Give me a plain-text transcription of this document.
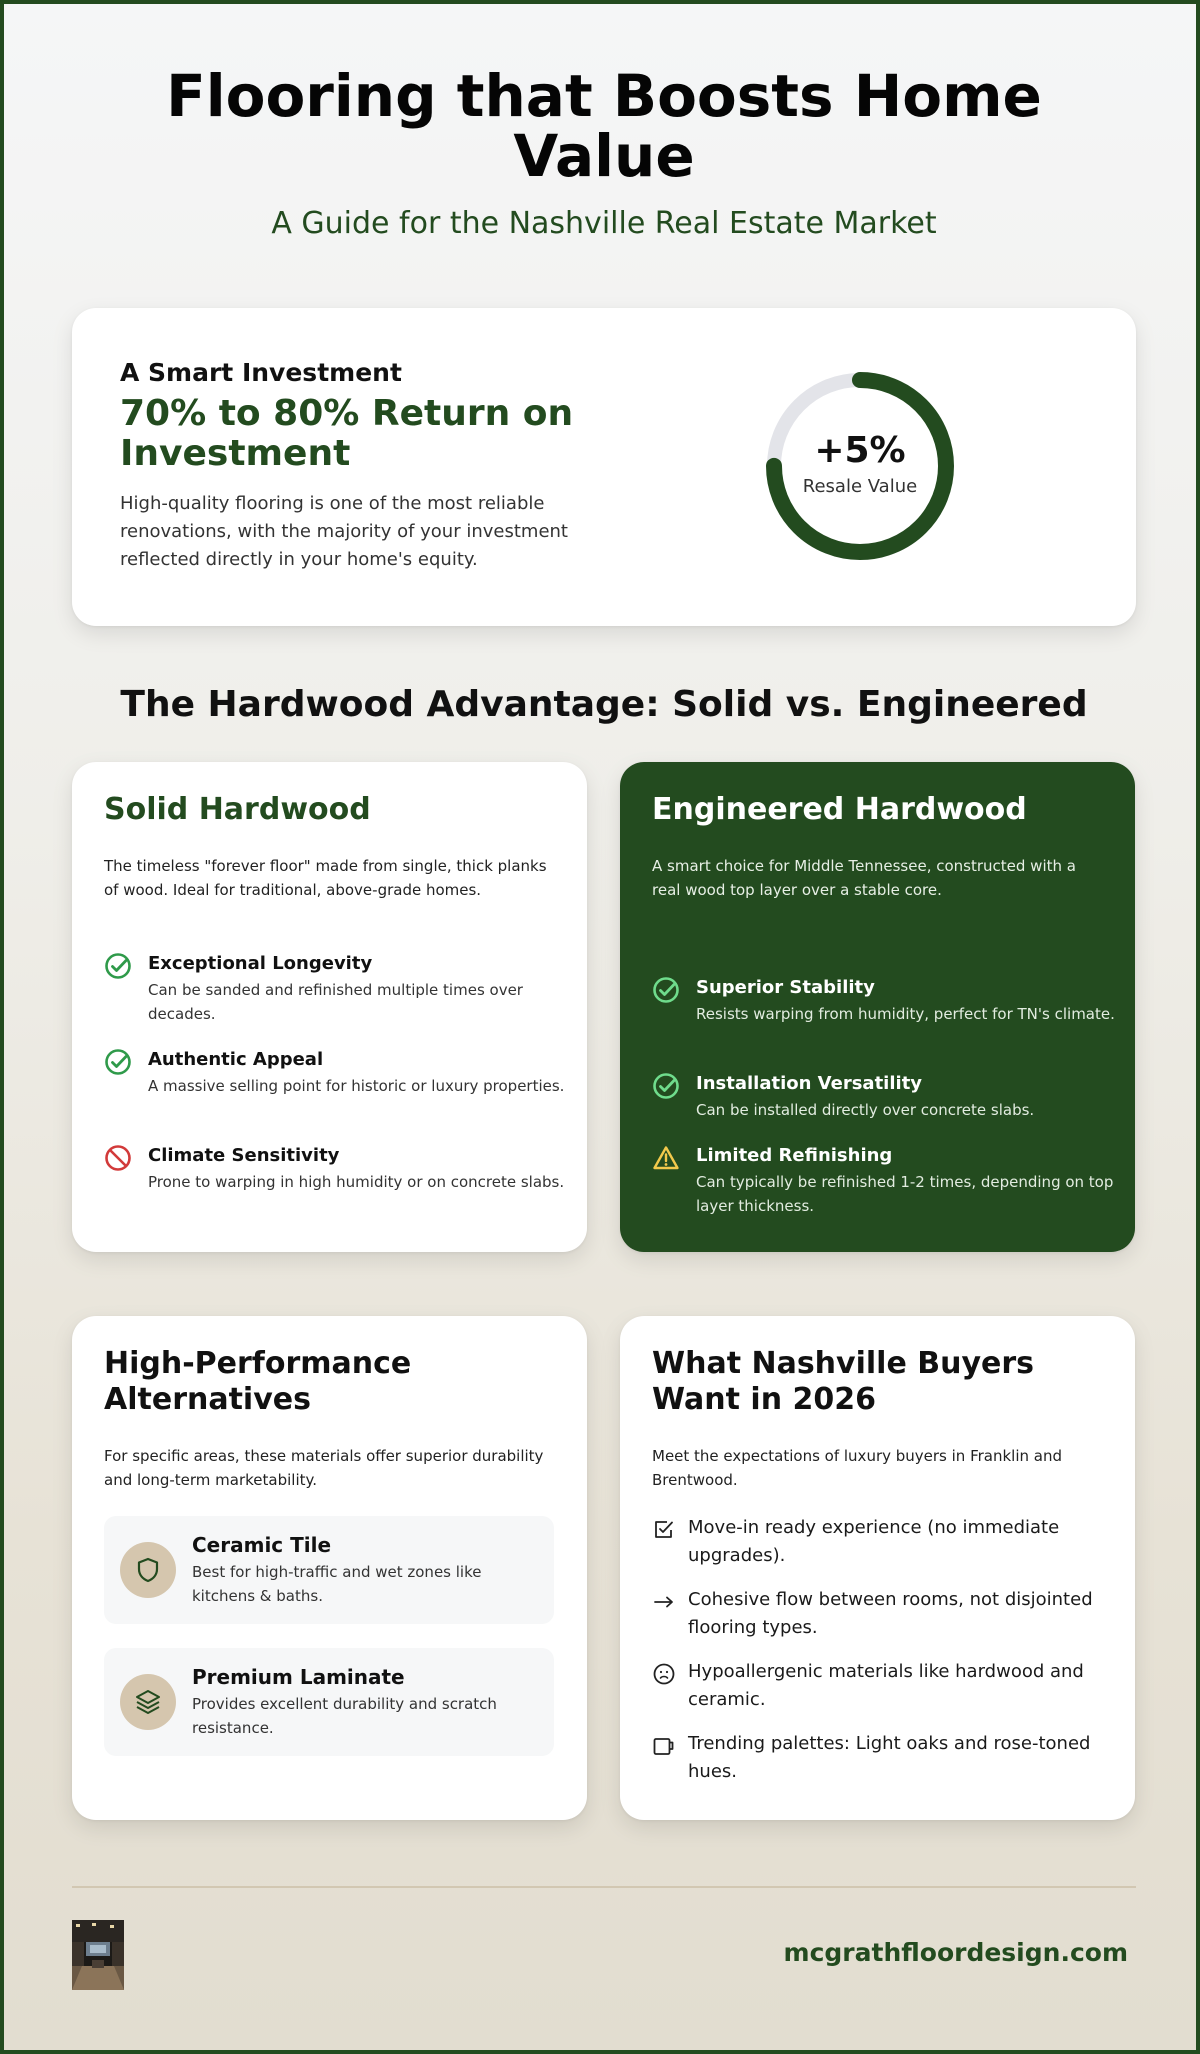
Flooring that Boosts Home Value
A Guide for the Nashville Real Estate Market
A Smart Investment
70% to 80% Return on Investment
High-quality flooring is one of the most reliable renovations, with the majority of your investment reflected directly in your home's equity.
+5%
Resale Value
The Hardwood Advantage: Solid vs. Engineered
Solid Hardwood
The timeless "forever floor" made from single, thick planks of wood. Ideal for traditional, above-grade homes.
Exceptional Longevity
Can be sanded and refinished multiple times over decades.
Authentic Appeal
A massive selling point for historic or luxury properties.
Climate Sensitivity
Prone to warping in high humidity or on concrete slabs.
Engineered Hardwood
A smart choice for Middle Tennessee, constructed with a real wood top layer over a stable core.
Superior Stability
Resists warping from humidity, perfect for TN's climate.
Installation Versatility
Can be installed directly over concrete slabs.
Limited Refinishing
Can typically be refinished 1-2 times, depending on top layer thickness.
High-Performance Alternatives
For specific areas, these materials offer superior durability and long-term marketability.
Ceramic Tile
Best for high-traffic and wet zones like kitchens & baths.
Premium Laminate
Provides excellent durability and scratch resistance.
What Nashville Buyers Want in 2026
Meet the expectations of luxury buyers in Franklin and Brentwood.
Move-in ready experience (no immediate upgrades).
Cohesive flow between rooms, not disjointed flooring types.
Hypoallergenic materials like hardwood and ceramic.
Trending palettes: Light oaks and rose-toned hues.
mcgrathfloordesign.com
